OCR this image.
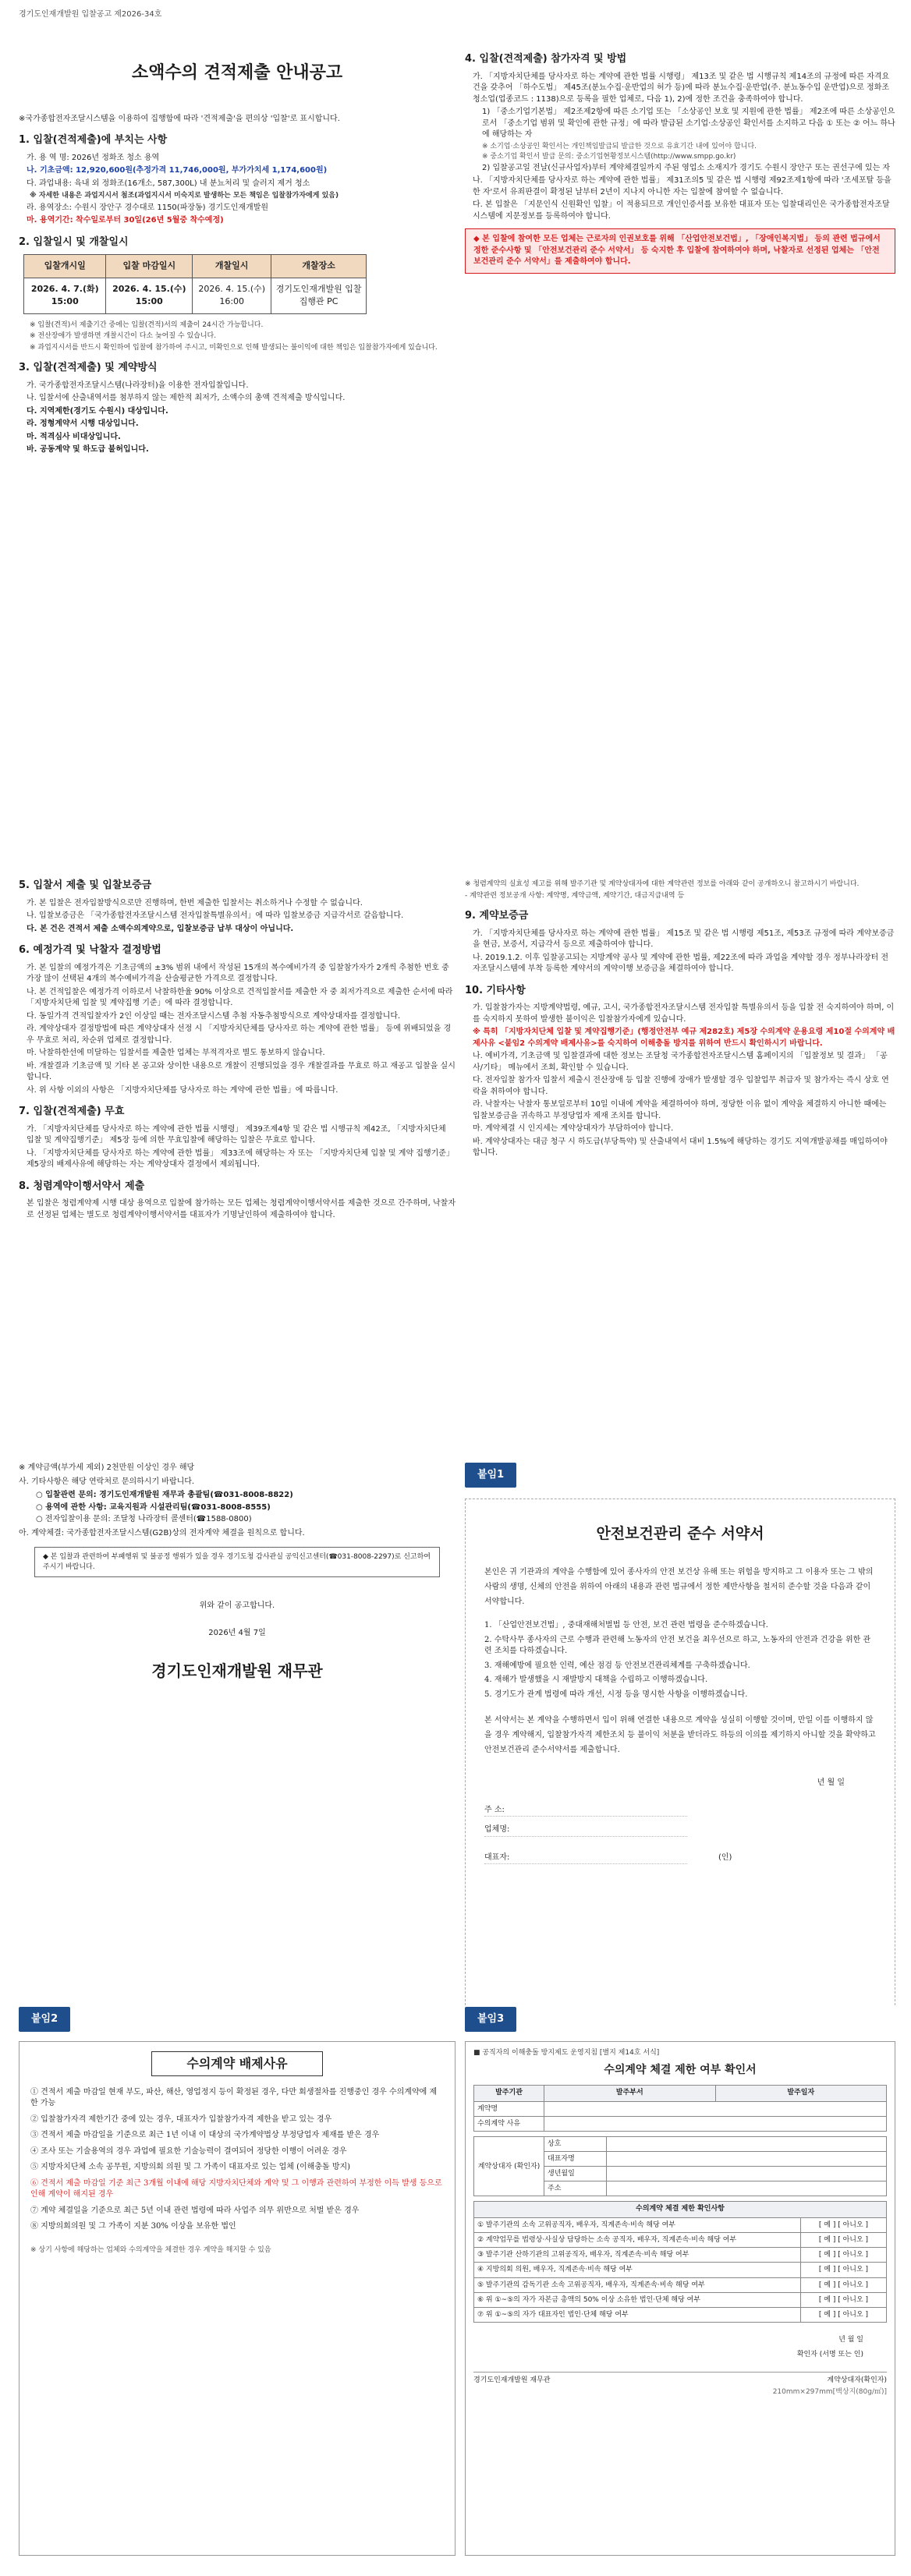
경기도인재개발원 입찰공고 제2026-34호
소액수의 견적제출 안내공고
※국가종합전자조달시스템을 이용하여 집행함에 따라 '견적제출'을 편의상 '입찰'로 표시합니다.
1. 입찰(견적제출)에 부치는 사항
가. 용 역 명: 2026년 정화조 청소 용역
나. 기초금액: 12,920,600원(추정가격 11,746,000원, 부가가치세 1,174,600원)
다. 과업내용: 육내 외 정화조(16개소, 587,300L) 내 분뇨처리 및 슬러지 제거 청소
※ 자세한 내용은 과업지시서 첨조(과업지시서 미숙지로 발생하는 모든 책임은 입찰참가자에게 있음)
라. 용역장소: 수원시 장안구 경수대로 1150(파장동) 경기도인재개발원
마. 용역기간: 착수일로부터 30일(26년 5월중 착수예정)
2. 입찰일시 및 개찰일시
입찰개시일	입찰 마감일시	개찰일시	개찰장소
2026. 4. 7.(화) 15:00	2026. 4. 15.(수) 15:00	2026. 4. 15.(수) 16:00	경기도인재개발원 입찰집행관 PC
※ 입찰(견적)서 제출기간 중에는 입찰(견적)서의 제출이 24시간 가능합니다.
※ 전산장애가 발생하면 개찰시간이 다소 늦어질 수 있습니다.
※ 과업지시서를 반드시 확인하여 입찰에 참가하여 주시고, 미확인으로 인해 발생되는 불이익에 대한 책임은 입찰참가자에게 있습니다.
3. 입찰(견적제출) 및 계약방식
가. 국가종합전자조달시스템(나라장터)을 이용한 전자입찰입니다.
나. 입찰서에 산출내역서를 첨부하지 않는 제한적 최저가, 소액수의 총액 견적제출 방식입니다.
다. 지역제한(경기도 수원시) 대상입니다.
라. 정형계약서 시행 대상입니다.
마. 적격심사 비대상입니다.
바. 공동계약 및 하도급 불허입니다.
4. 입찰(견적제출) 참가자격 및 방법
가. 「지방자치단체를 당사자로 하는 계약에 관한 법률 시행령」 제13조 및 같은 법 시행규칙 제14조의 규정에 따른 자격요건을 갖추어 「하수도법」 제45조(분뇨수집·운반업의 허가 등)에 따라 분뇨수집·운반업(주. 분뇨동수입 운반업)으로 정화조 청소업(업종코드 : 1138)으로 등록을 필한 업체로, 다음 1), 2)에 정한 조건을 충족하여야 합니다.
1) 「중소기업기본법」 제2조제2항에 따른 소기업 또는 「소상공인 보호 및 지원에 관한 법률」 제2조에 따른 소상공인으로서 「중소기업 범위 및 확인에 관한 규정」에 따라 발급된 소기업·소상공인 확인서를 소지하고 다음 ① 또는 ② 어느 하나에 해당하는 자
※ 소기업·소상공인 확인서는 개인책임발급되 발급한 것으로 유효기간 내에 있어야 합니다.
※ 중소기업 확인서 발급 문의: 중소기업현황정보시스템(http://www.smpp.go.kr)
2) 입찰공고일 전날(신규사업자)부터 계약체결일까지 주된 영업소 소재지가 경기도 수원시 장안구 또는 권선구에 있는 자
나. 「지방자치단체를 당사자로 하는 계약에 관한 법률」 제31조의5 및 같은 법 시행령 제92조제1항에 따라 '조세포탈 등을 한 자'로서 유죄판결이 확정된 날부터 2년이 지나지 아니한 자는 입찰에 참여할 수 없습니다.
다. 본 입찰은 「지문인식 신원확인 입찰」이 적용되므로 개인인증서를 보유한 대표자 또는 입찰대리인은 국가종합전자조달시스템에 지문정보를 등록하여야 합니다.
◆ 본 입찰에 참여한 모든 업체는 근로자의 인권보호를 위해 「산업안전보건법」, 「장애인복지법」 등의 관련 법규에서 정한 준수사항 및 「안전보건관리 준수 서약서」 등 숙지한 후 입찰에 참여하여야 하며, 낙찰자로 선정된 업체는 「안전보건관리 준수 서약서」를 제출하여야 합니다.
5. 입찰서 제출 및 입찰보증금
가. 본 입찰은 전자입찰방식으로만 진행하며, 한번 제출한 입찰서는 취소하거나 수정할 수 없습니다.
나. 입찰보증금은 「국가종합전자조달시스템 전자입찰특별유의서」에 따라 입찰보증금 지급각서로 갈음합니다.
다. 본 건은 견적서 제출 소액수의계약으로, 입찰보증금 납부 대상이 아닙니다.
6. 예정가격 및 낙찰자 결정방법
가. 본 입찰의 예정가격은 기초금액의 ±3% 범위 내에서 작성된 15개의 복수예비가격 중 입찰참가자가 2개씩 추첨한 번호 중 가장 많이 선택된 4개의 복수예비가격을 산술평균한 가격으로 결정합니다.
나. 본 건적입찰은 예정가격 이하로서 낙찰하한율 90% 이상으로 견적입찰서를 제출한 자 중 최저가격으로 제출한 순서에 따라 「지방자치단체 입찰 및 계약집행 기준」에 따라 결정합니다.
다. 동일가격 견적입찰자가 2인 이상일 때는 전자조달시스템 추첨 자동추첨방식으로 계약상대자를 결정합니다.
라. 계약상대자 결정방법에 따른 계약상대자 선정 시 「지방자치단체를 당사자로 하는 계약에 관한 법률」 등에 위배되었을 경우 무효로 처리, 차순위 업체로 결정합니다.
마. 낙찰하한선에 미달하는 입찰서를 제출한 업체는 부적격자로 별도 통보하지 않습니다.
바. 개찰결과 기초금액 및 기타 본 공고와 상이한 내용으로 개찰이 진행되었을 경우 개찰결과를 무효로 하고 재공고 입찰을 실시합니다.
사. 위 사항 이외의 사항은 「지방자치단체를 당사자로 하는 계약에 관한 법률」에 따릅니다.
7. 입찰(견적제출) 무효
가. 「지방자치단체를 당사자로 하는 계약에 관한 법률 시행령」 제39조제4항 및 같은 법 시행규칙 제42조, 「지방자치단체 입찰 및 계약집행기준」 제5장 등에 의한 무효입찰에 해당하는 입찰은 무효로 합니다.
나. 「지방자치단체를 당사자로 하는 계약에 관한 법률」 제33조에 해당하는 자 또는 「지방자치단체 입찰 및 계약 집행기준」 제5장의 배제사유에 해당하는 자는 계약상대자 결정에서 제외됩니다.
8. 청렴계약이행서약서 제출
본 입찰은 청렴계약제 시행 대상 용역으로 입찰에 참가하는 모든 업체는 청렴계약이행서약서를 제출한 것으로 간주하며, 낙찰자로 선정된 업체는 별도로 청렴계약이행서약서를 대표자가 기명날인하여 제출하여야 합니다.
※ 청렴계약의 실효성 제고를 위해 발주기관 및 계약상대자에 대한 계약관련 정보를 아래와 같이 공개하오니 참고하시기 바랍니다.
- 계약관련 정보공개 사항: 계약명, 계약금액, 계약기간, 대금지급내역 등
9. 계약보증금
가. 「지방자치단체를 당사자로 하는 계약에 관한 법률」 제15조 및 같은 법 시행령 제51조, 제53조 규정에 따라 계약보증금을 현금, 보증서, 지급각서 등으로 제출하여야 합니다.
나. 2019.1.2. 이후 입찰공고되는 지방계약 공사 및 계약에 관한 법률, 제22조에 따라 과업을 계약할 경우 정부나라장터 전자조달시스템에 부착 등록한 계약서의 계약이행 보증금을 체결하여야 합니다.
10. 기타사항
가. 입찰참가자는 지방계약법령, 예규, 고시, 국가종합전자조달시스템 전자입찰 특별유의서 등을 입찰 전 숙지하여야 하며, 이를 숙지하지 못하여 발생한 불이익은 입찰참가자에게 있습니다.
※ 특히 「지방자치단체 입찰 및 계약집행기준」(행정안전부 예규 제282호) 제5장 수의계약 운용요령 제10절 수의계약 배제사유 <붙임2 수의계약 배제사유>를 숙지하여 이해충돌 방지를 위하여 반드시 확인하시기 바랍니다.
나. 예비가격, 기초금액 및 입찰결과에 대한 정보는 조달청 국가종합전자조달시스템 홈페이지의 「입찰정보 및 결과」 「공사/기타」 메뉴에서 조회, 확인할 수 있습니다.
다. 전자입찰 참가자 입찰서 제출시 전산장애 등 입찰 진행에 장애가 발생할 경우 입찰업무 취급자 및 참가자는 즉시 상호 연락을 취하여야 합니다.
라. 낙찰자는 낙찰자 통보일로부터 10일 이내에 계약을 체결하여야 하며, 정당한 이유 없이 계약을 체결하지 아니한 때에는 입찰보증금을 귀속하고 부정당업자 제재 조치를 합니다.
마. 계약체결 시 인지세는 계약상대자가 부담하여야 합니다.
바. 계약상대자는 대금 청구 시 하도급(부당특약) 및 산출내역서 대비 1.5%에 해당하는 경기도 지역개발공채를 매입하여야 합니다.
※ 계약금액(부가세 제외) 2천만원 이상인 경우 해당
사. 기타사항은 해당 연락처로 문의하시기 바랍니다.
○ 입찰관련 문의: 경기도인재개발원 재무과 총괄팀(☎031-8008-8822)
○ 용역에 관한 사항: 교육지원과 시설관리팀(☎031-8008-8555)
○ 전자입찰이용 문의: 조달청 나라장터 콜센터(☎1588-0800)
아. 계약체결: 국가종합전자조달시스템(G2B)상의 전자계약 체결을 원칙으로 합니다.
◆ 본 입찰과 관련하여 부패행위 및 불공정 행위가 있을 경우 경기도청 감사관실 공익신고센터(☎031-8008-2297)로 신고하여 주시기 바랍니다.
위와 같이 공고합니다.
2026년 4월 7일
경기도인재개발원 재무관
붙임1
안전보건관리 준수 서약서
본인은 귀 기관과의 계약을 수행함에 있어 종사자의 안전 보건상 유해 또는 위험을 방지하고 그 이용자 또는 그 밖의 사람의 생명, 신체의 안전을 위하여 아래의 내용과 관련 법규에서 정한 제반사항을 철저히 준수할 것을 다음과 같이 서약합니다.
1. 「산업안전보건법」, 중대재해처벌법 등 안전, 보건 관련 법령을 준수하겠습니다.
2. 수탁사무 종사자의 근로 수행과 관련해 노동자의 안전 보건을 최우선으로 하고, 노동자의 안전과 건강을 위한 관련 조치를 다하겠습니다.
3. 재해예방에 필요한 인력, 예산 점검 등 안전보건관리체계를 구축하겠습니다.
4. 재해가 발생했을 시 재발방지 대책을 수립하고 이행하겠습니다.
5. 경기도가 관계 법령에 따라 개선, 시정 등을 명시한 사항을 이행하겠습니다.
본 서약서는 본 계약을 수행하면서 입이 위해 연결한 내용으로 계약을 성실히 이행할 것이며, 만일 이를 이행하지 않을 경우 계약해지, 입찰참가자격 제한조치 등 불이익 처분을 받더라도 하등의 이의를 제기하지 아니할 것을 확약하고 안전보건관리 준수서약서를 제출합니다.
년 월 일
주 소:
업체명:
대표자:	(인)
붙임2
수의계약 배제사유
① 견적서 제출 마감일 현재 부도, 파산, 해산, 영업정지 등이 확정된 경우, 다만 회생절차를 진행중인 경우 수의계약에 제한 가능
② 입찰참가자격 제한기간 중에 있는 경우, 대표자가 입찰참가자격 제한을 받고 있는 경우
③ 견적서 제출 마감일을 기준으로 최근 1년 이내 이 대상의 국가계약법상 부정당업자 제재를 받은 경우
④ 조사 또는 기술용역의 경우 과업에 필요한 기술능력이 결여되어 정당한 이행이 어려운 경우
⑤ 지방자치단체 소속 공무원, 지방의회 의원 및 그 가족이 대표자로 있는 업체 (이해충돌 방지)
⑥ 견적서 제출 마감일 기준 최근 3개월 이내에 해당 지방자치단체와 계약 및 그 이행과 관련하여 부정한 이득 발생 등으로 인해 계약이 해지된 경우
⑦ 계약 체결일을 기준으로 최근 5년 이내 관련 법령에 따라 사업주 의무 위반으로 처벌 받은 경우
⑧ 지방의회의원 및 그 가족이 지분 30% 이상을 보유한 법인
※ 상기 사항에 해당하는 업체와 수의계약을 체결한 경우 계약을 해지할 수 있음
붙임3
■ 공직자의 이해충돌 방지제도 운영지침 [별지 제14호 서식]
수의계약 체결 제한 여부 확인서
발주기관	발주부서	발주일자
계약명		
수의계약 사유		
계약상대자 (확인자)	상호	
	대표자명	
	생년월일	
	주소	
수의계약 체결 제한 확인사항	
① 발주기관의 소속 고위공직자, 배우자, 직계존속·비속 해당 여부	[ 예 ] [ 아니오 ]
② 계약업무를 법령상·사실상 담당하는 소속 공직자, 배우자, 직계존속·비속 해당 여부	[ 예 ] [ 아니오 ]
③ 발주기관 산하기관의 고위공직자, 배우자, 직계존속·비속 해당 여부	[ 예 ] [ 아니오 ]
④ 지방의회 의원, 배우자, 직계존속·비속 해당 여부	[ 예 ] [ 아니오 ]
⑤ 발주기관의 감독기관 소속 고위공직자, 배우자, 직계존속·비속 해당 여부	[ 예 ] [ 아니오 ]
⑥ 위 ①~⑤의 자가 자본금 총액의 50% 이상 소유한 법인·단체 해당 여부	[ 예 ] [ 아니오 ]
⑦ 위 ①~⑤의 자가 대표자인 법인·단체 해당 여부	[ 예 ] [ 아니오 ]
년 월 일
확인자 (서명 또는 인)
경기도인재개발원 재무관	계약상대자(확인자)
210mm×297mm[백상지(80g/㎡)]
